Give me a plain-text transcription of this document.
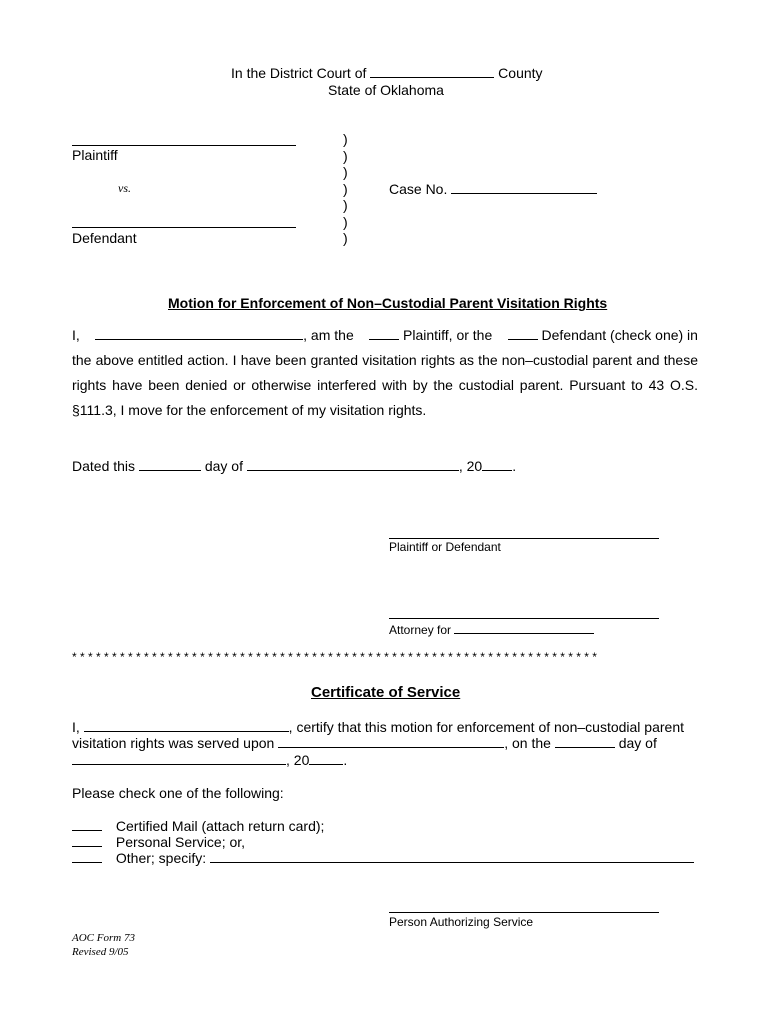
In the District Court of	County
State of Oklahoma
Plaintiff
vs.
Defendant
)
)
)
)
)
)
)
Case No.
Motion for Enforcement of Non–Custodial Parent Visitation Rights
I,	, am the	Plaintiff, or the	Defendant (check one) in
the above entitled action. I have been granted visitation rights as the non–custodial parent and these
rights have been denied or otherwise interfered with by the custodial parent. Pursuant to 43 O.S.
§111.3, I move for the enforcement of my visitation rights.
Dated this	day of	, 20 .
Plaintiff or Defendant
Attorney for
* * * * * * * * * * * * * * * * * * * * * * * * * * * * * * * * * * * * * * * * * * * * * * * * * * * * * * * * * * * * * * * * * *
Certificate of Service
I,	, certify that this motion for enforcement of non–custodial parent
visitation rights was served upon	, on the	day of
, 20 .
Please check one of the following:
Certified Mail (attach return card);
Personal Service; or,
Other; specify:
Person Authorizing Service
AOC Form 73
Revised 9/05
